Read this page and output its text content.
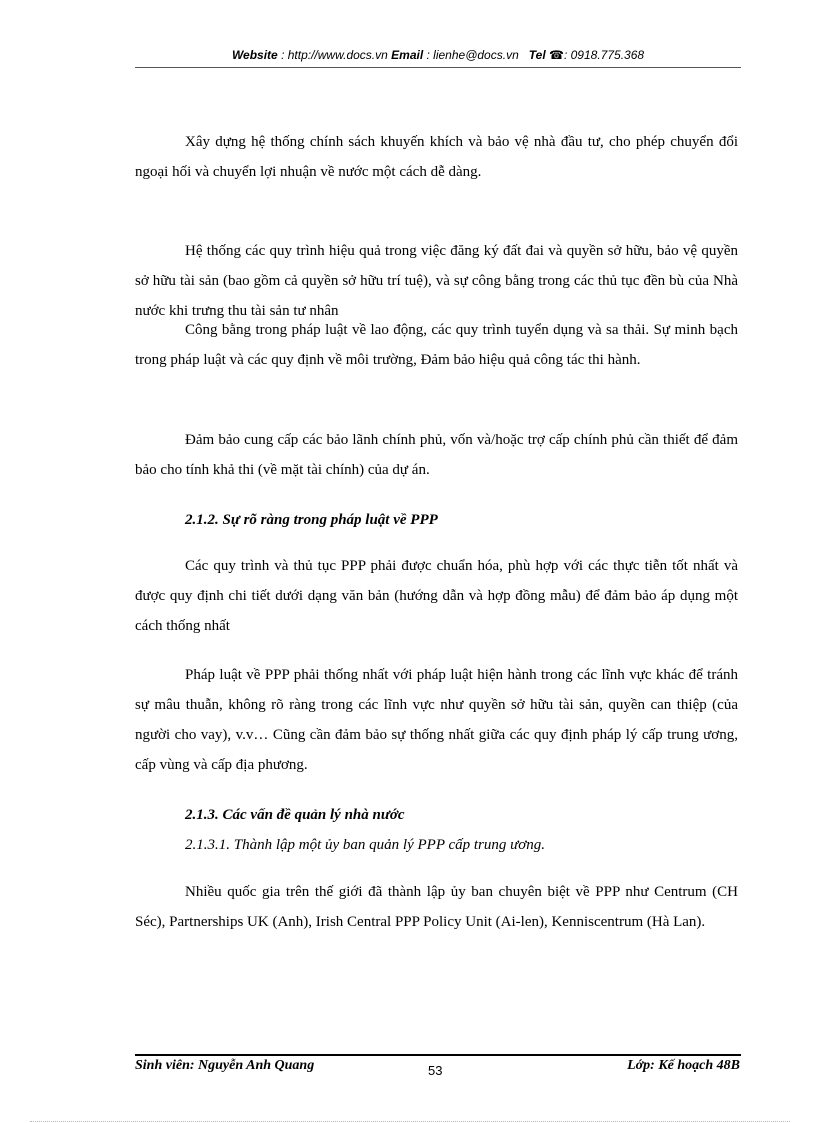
Website : http://www.docs.vn Email : lienhe@docs.vn Tel ☎: 0918.775.368

Xây dựng hệ thống chính sách khuyến khích và bảo vệ nhà đầu tư, cho phép chuyển đổi ngoại hối và chuyển lợi nhuận về nước một cách dễ dàng.

Hệ thống các quy trình hiệu quả trong việc đăng ký đất đai và quyền sở hữu, bảo vệ quyền sở hữu tài sản (bao gồm cả quyền sở hữu trí tuệ), và sự công bằng trong các thủ tục đền bù của Nhà nước khi trưng thu tài sản tư nhân

Công bằng trong pháp luật về lao động, các quy trình tuyển dụng và sa thải. Sự minh bạch trong pháp luật và các quy định về môi trường, Đảm bảo hiệu quả công tác thi hành.

Đảm bảo cung cấp các bảo lãnh chính phủ, vốn và/hoặc trợ cấp chính phủ cần thiết để đảm bảo cho tính khả thi (về mặt tài chính) của dự án.

2.1.2. Sự rõ ràng trong pháp luật về PPP

Các quy trình và thủ tục PPP phải được chuẩn hóa, phù hợp với các thực tiễn tốt nhất và được quy định chi tiết dưới dạng văn bản (hướng dẫn và hợp đồng mẫu) để đảm bảo áp dụng một cách thống nhất

Pháp luật về PPP phải thống nhất với pháp luật hiện hành trong các lĩnh vực khác để tránh sự mâu thuẫn, không rõ ràng trong các lĩnh vực như quyền sở hữu tài sản, quyền can thiệp (của người cho vay), v.v… Cũng cần đảm bảo sự thống nhất giữa các quy định pháp lý cấp trung ương, cấp vùng và cấp địa phương.

2.1.3. Các vấn đề quản lý nhà nước
2.1.3.1. Thành lập một ủy ban quản lý PPP cấp trung ương.

Nhiều quốc gia trên thế giới đã thành lập ủy ban chuyên biệt về PPP như Centrum (CH Séc), Partnerships UK (Anh), Irish Central PPP Policy Unit (Ai-len), Kenniscentrum (Hà Lan).

Sinh viên: Nguyễn Anh Quang	53	Lớp: Kế hoạch 48B
